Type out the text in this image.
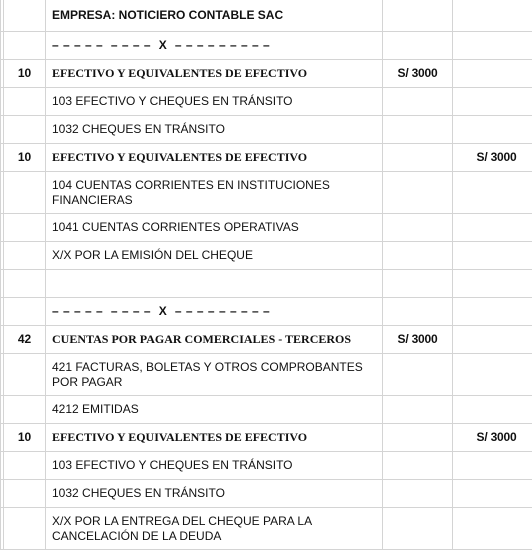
		EMPRESA: NOTICIERO CONTABLE SAC		
		– – – – –  – – – –  X  – – – – – – – – –		
	10	EFECTIVO Y EQUIVALENTES DE EFECTIVO	S/ 3000	
		103 EFECTIVO Y CHEQUES EN TRÁNSITO		
		1032 CHEQUES EN TRÁNSITO		
	10	EFECTIVO Y EQUIVALENTES DE EFECTIVO		S/ 3000
		104 CUENTAS CORRIENTES EN INSTITUCIONES FINANCIERAS		
		1041 CUENTAS CORRIENTES OPERATIVAS		
		X/X POR LA EMISIÓN DEL CHEQUE		

		– – – – –  – – – –  X  – – – – – – – – –		
	42	CUENTAS POR PAGAR COMERCIALES - TERCEROS	S/ 3000	
		421 FACTURAS, BOLETAS Y OTROS COMPROBANTES POR PAGAR		
		4212 EMITIDAS		
	10	EFECTIVO Y EQUIVALENTES DE EFECTIVO		S/ 3000
		103 EFECTIVO Y CHEQUES EN TRÁNSITO		
		1032 CHEQUES EN TRÁNSITO		
		X/X POR LA ENTREGA DEL CHEQUE PARA LA CANCELACIÓN DE LA DEUDA		
